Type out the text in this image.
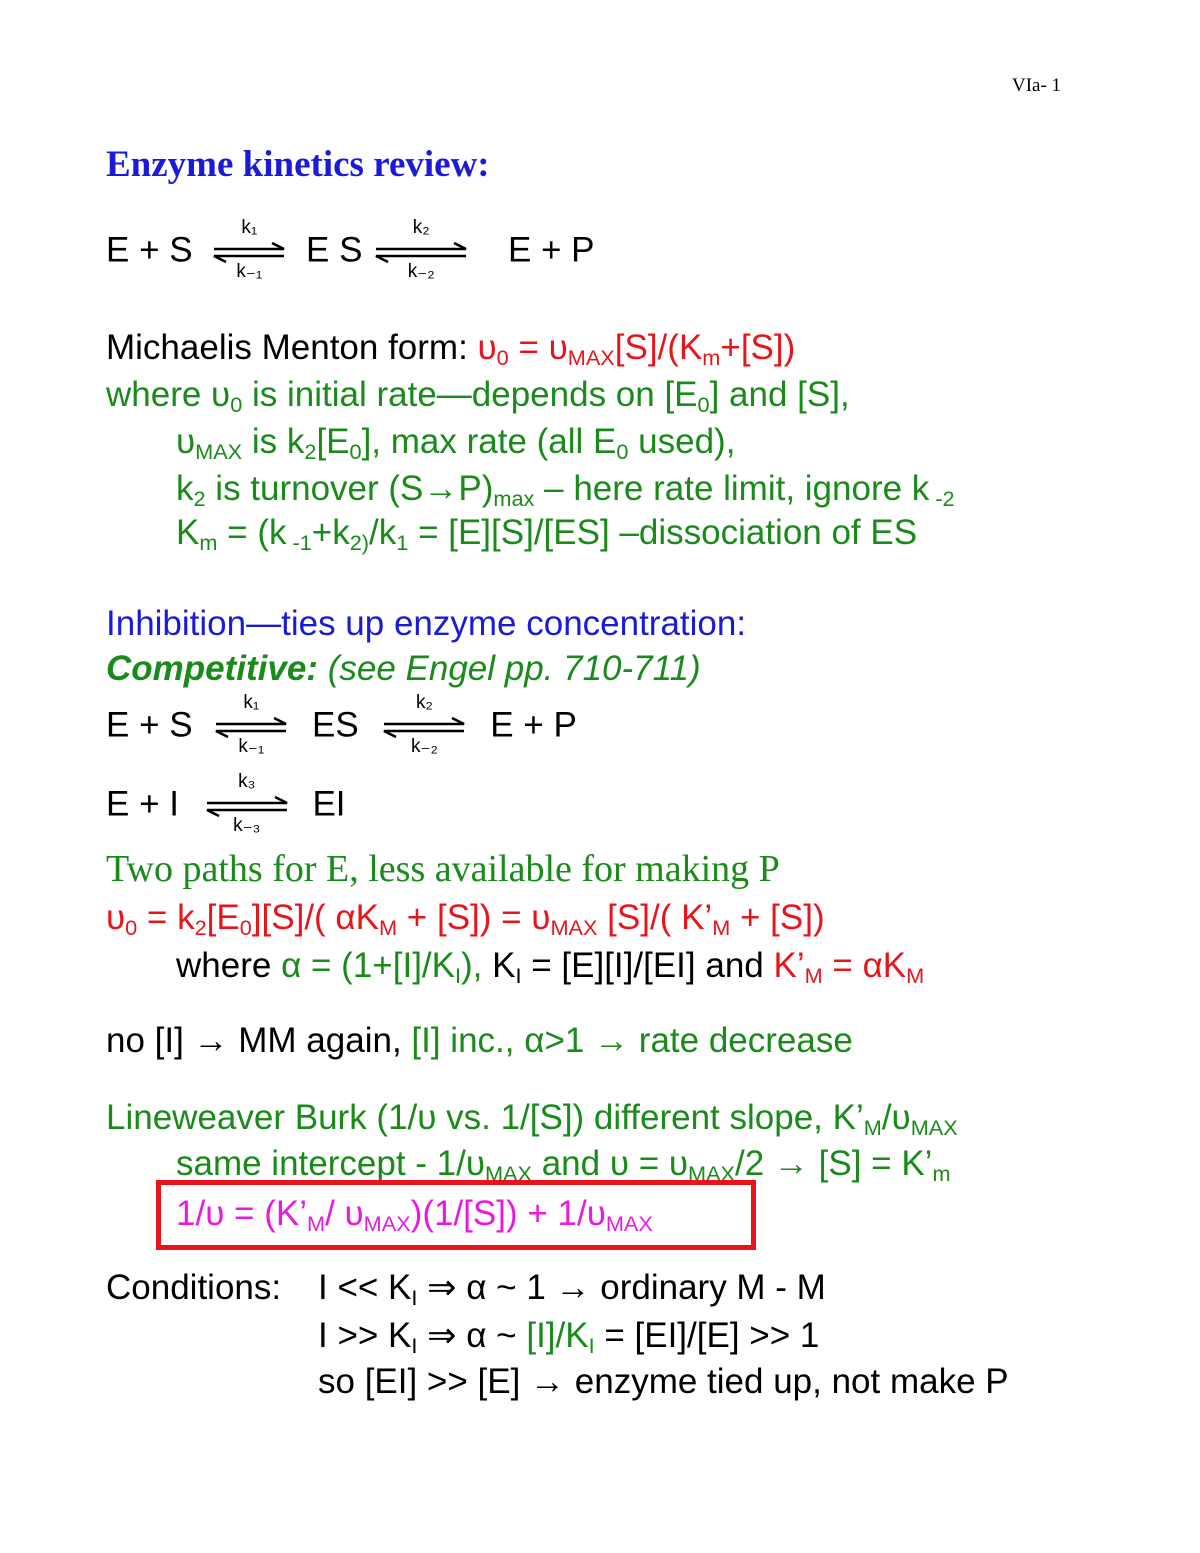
VIa- 1
Enzyme kinetics review:
E + S
k₁
k₋₁
E S
k₂
k₋₂
E + P
Michaelis Menton form: $\upsilon_0 = \upsilon_{MAX}[S]/(K_m+[S])$
where $\upsilon_0$ is initial rate—depends on $[E_0]$ and [S],
$\upsilon_{MAX}$ is $k_2[E_0]$, max rate (all $E_0$ used),
$k_2$ is turnover $(S\to P)_{max}$ – here rate limit, ignore k $_{-2}$
$K_m = (k$ $_{-1}+k_{2)}/k_1 = [E][S]/[ES]$ –dissociation of ES
Inhibition—ties up enzyme concentration:
Competitive: (see Engel pp. 710-711)
E + S
k₁
k₋₁
ES
k₂
k₋₂
E + P
E + I
k₃
k₋₃
EI
Two paths for E, less available for making P
$\upsilon_0 = k_2[E_0][S]/$( $\alpha K_M + [S]) = \upsilon_{MAX}$ [S]/( $K’_M + [S]$)
where $\alpha = (1+[I]/K_I)$, $K_I = [E][I]/[EI]$ and $K’_M = \alpha K_M$
no [I] → MM again, [I] inc., α>1 → rate decrease
Lineweaver Burk (1/υ vs. 1/[S]) different slope, $K’_M/\upsilon_{MAX}$
same intercept - $1/\upsilon_{MAX}$ and $\upsilon = \upsilon_{MAX}/2 \to [S]$ = $K’_m$
$1/\upsilon = (K’_M/$ $\upsilon_{MAX})(1/[S]) + 1/\upsilon_{MAX}$
Conditions: $I << K_I$ ⇒ α ~ 1 → ordinary M - M
$I >> K_I$ ⇒ α ~ $[I]/K_I = [EI]/[E] >> 1$
so [EI] >> [E] → enzyme tied up, not make P
